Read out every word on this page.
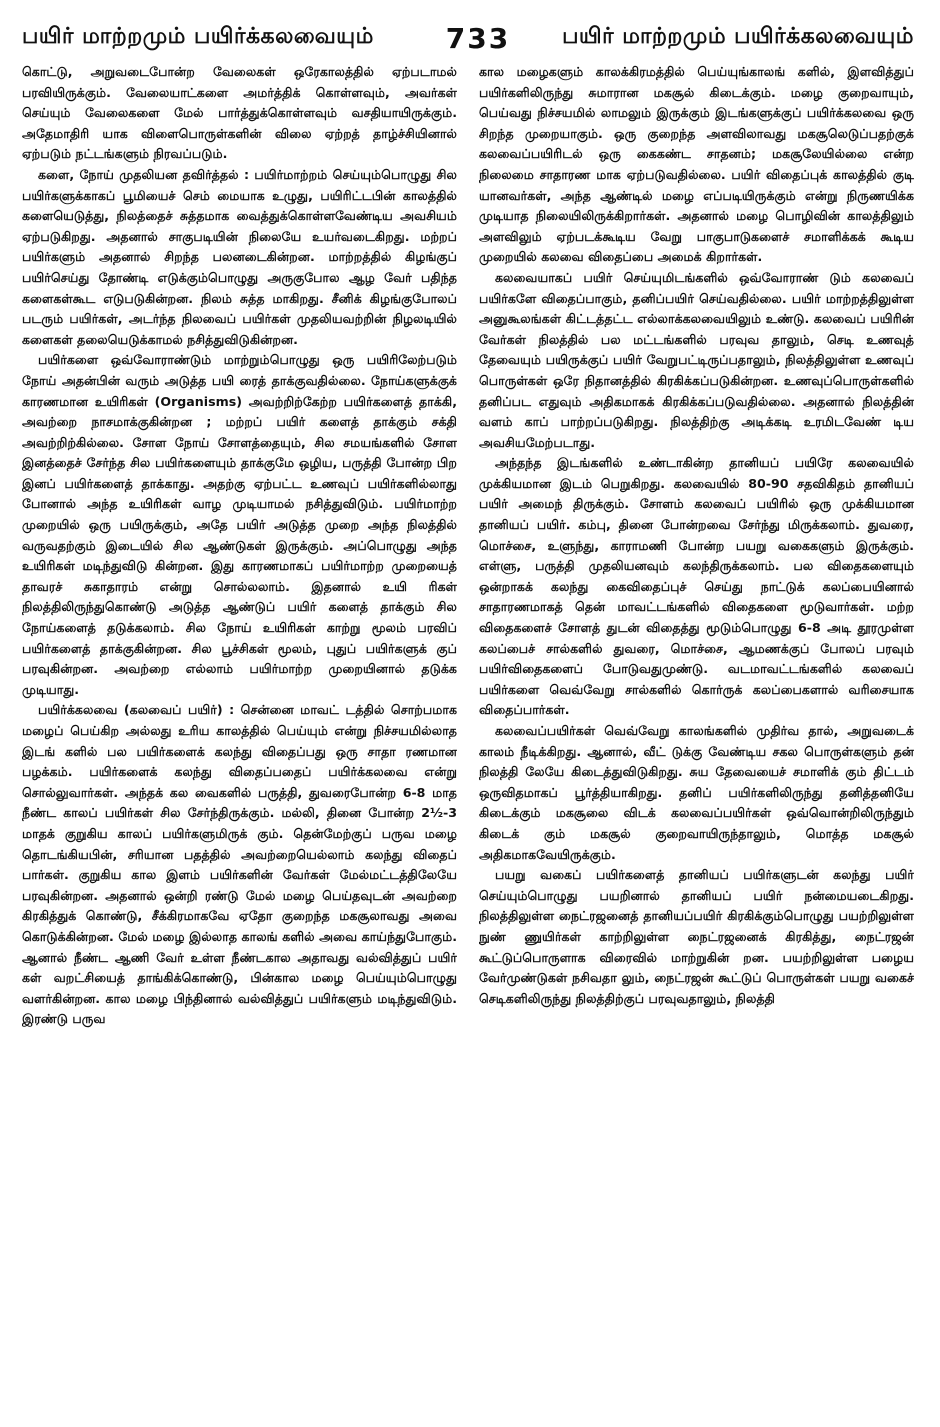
பயிர் மாற்றமும் பயிர்க்கலவையும்	733 பயிர் மாற்றமும் பயிர்க்கலவையும்

கொட்டு, அறுவடைபோன்ற வேலைகள் ஒரேகாலத்தில் ஏற்படாமல் பரவியிருக்கும். வேலையாட்களை அமர்த்திக் கொள்ளவும், அவர்கள் செய்யும் வேலைகளை மேல் பார்த்துக்கொள்ளவும் வசதியாயிருக்கும். அதேமாதிரி யாக விளைபொருள்களின் விலை ஏற்றத் தாழ்ச்சியினால் ஏற்படும் நட்டங்களும் நிரவப்படும்.

களை, நோய் முதலியன தவிர்த்தல் : பயிர்மாற்றம் செய்யும்பொழுது சில பயிர்களுக்காகப் பூமியைச் செம் மையாக உழுது, பயிரிட்டபின் காலத்தில் களையெடுத்து, நிலத்தைச் சுத்தமாக வைத்துக்கொள்ளவேண்டிய அவசியம் ஏற்படுகிறது. அதனால் சாகுபடியின் நிலையே உயர்வடைகிறது. மற்றப் பயிர்களும் அதனால் சிறந்த பலனடைகின்றன. மாற்றத்தில் கிழங்குப் பயிர்செய்து தோண்டி எடுக்கும்பொழுது அருகுபோல ஆழ வேர் பதிந்த களைகள்கூட எடுபடுகின்றன. நிலம் சுத்த மாகிறது. சீனிக் கிழங்குபோலப் படரும் பயிர்கள், அடர்ந்த நிலவைப் பயிர்கள் முதலியவற்றின் நிழலடியில் களைகள் தலையெடுக்காமல் நசித்துவிடுகின்றன.

பயிர்களை ஒவ்வோராண்டும் மாற்றும்பொழுது ஒரு பயிரிலேற்படும் நோய் அதன்பின் வரும் அடுத்த பயி ரைத் தாக்குவதில்லை. நோய்களுக்குக் காரணமான உயிரிகள் (Organisms) அவற்றிற்கேற்ற பயிர்களைத் தாக்கி, அவற்றை நாசமாக்குகின்றன ; மற்றப் பயிர் களைத் தாக்கும் சக்தி அவற்றிற்கில்லை. சோள நோய் சோளத்தையும், சில சமயங்களில் சோள இனத்தைச் சேர்ந்த சில பயிர்களையும் தாக்குமே ஒழிய, பருத்தி போன்ற பிற இனப் பயிர்களைத் தாக்காது. அதற்கு ஏற்பட்ட உணவுப் பயிர்களில்லாது போனால் அந்த உயிரிகள் வாழ முடியாமல் நசித்துவிடும். பயிர்மாற்ற முறையில் ஒரு பயிருக்கும், அதே பயிர் அடுத்த முறை அந்த நிலத்தில் வருவதற்கும் இடையில் சில ஆண்டுகள் இருக்கும். அப்பொழுது அந்த உயிரிகள் மடிந்துவிடு கின்றன. இது காரணமாகப் பயிர்மாற்ற முறையைத் தாவரச் சுகாதாரம் என்று சொல்லலாம். இதனால் உயி ரிகள் நிலத்திலிருந்துகொண்டு அடுத்த ஆண்டுப் பயிர் களைத் தாக்கும் சில நோய்களைத் தடுக்கலாம். சில நோய் உயிரிகள் காற்று மூலம் பரவிப் பயிர்களைத் தாக்குகின்றன. சில பூச்சிகள் மூலம், புதுப் பயிர்களுக் குப் பரவுகின்றன. அவற்றை எல்லாம் பயிர்மாற்ற முறையினால் தடுக்க முடியாது.

பயிர்க்கலவை (கலவைப் பயிர்) : சென்னை மாவட் டத்தில் சொற்பமாக மழைப் பெய்கிற அல்லது உரிய காலத்தில் பெய்யும் என்று நிச்சயமில்லாத இடங் களில் பல பயிர்களைக் கலந்து விதைப்பது ஒரு சாதா ரணமான பழக்கம். பயிர்களைக் கலந்து விதைப்பதைப் பயிர்க்கலவை என்று சொல்லுவார்கள். அந்தக் கல வைகளில் பருத்தி, துவரைபோன்ற 6-8 மாத நீண்ட காலப் பயிர்கள் சில சேர்ந்திருக்கும். மல்லி, தினை போன்ற 2½-3 மாதக் குறுகிய காலப் பயிர்களுமிருக் கும். தென்மேற்குப் பருவ மழை தொடங்கியபின், சரியான பதத்தில் அவற்றையெல்லாம் கலந்து விதைப் பார்கள். குறுகிய கால இளம் பயிர்களின் வேர்கள் மேல்மட்டத்திலேயே பரவுகின்றன. அதனால் ஒன்றி ரண்டு மேல் மழை பெய்தவுடன் அவற்றை கிரகித்துக் கொண்டு, சீக்கிரமாகவே ஏதோ குறைந்த மகசூலாவது அவை கொடுக்கின்றன. மேல் மழை இல்லாத காலங் களில் அவை காய்ந்துபோகும். ஆனால் நீண்ட ஆணி வேர் உள்ள நீண்டகால அதாவது வல்வித்துப் பயிர் கள் வறட்சியைத் தாங்கிக்கொண்டு, பின்கால மழை பெய்யும்பொழுது வளர்கின்றன. கால மழை பிந்தினால் வல்வித்துப் பயிர்களும் மடிந்துவிடும். இரண்டு பருவ

கால மழைகளும் காலக்கிரமத்தில் பெய்யுங்காலங் களில், இளவித்துப் பயிர்களிலிருந்து சுமாரான மகசூல் கிடைக்கும். மழை குறைவாயும், பெய்வது நிச்சயமில் லாமலும் இருக்கும் இடங்களுக்குப் பயிர்க்கலவை ஒரு சிறந்த முறையாகும். ஒரு குறைந்த அளவிலாவது மகசூலெடுப்பதற்குக் கலவைப்பயிரிடல் ஒரு கைகண்ட சாதனம்; மகசூலேயில்லை என்ற நிலைமை சாதாரண மாக ஏற்படுவதில்லை. பயிர் விதைப்புக் காலத்தில் குடி யானவர்கள், அந்த ஆண்டில் மழை எப்படியிருக்கும் என்று நிருணயிக்க முடியாத நிலையிலிருக்கிறார்கள். அதனால் மழை பொழிவின் காலத்திலும் அளவிலும் ஏற்படக்கூடிய வேறு பாகுபாடுகளைச் சமாளிக்கக் கூடிய முறையில் கலவை விதைப்பை அமைக் கிறார்கள்.

கலவையாகப் பயிர் செய்யுமிடங்களில் ஒவ்வோராண் டும் கலவைப் பயிர்களே விதைப்பாகும், தனிப்பயிர் செய்வதில்லை. பயிர் மாற்றத்திலுள்ள அனுகூலங்கள் கிட்டத்தட்ட எல்லாக்கலவையிலும் உண்டு. கலவைப் பயிரின் வேர்கள் நிலத்தில் பல மட்டங்களில் பரவுவ தாலும், செடி உணவுத் தேவையும் பயிருக்குப் பயிர் வேறுபட்டிருப்பதாலும், நிலத்திலுள்ள உணவுப் பொருள்கள் ஒரே நிதானத்தில் கிரகிக்கப்படுகின்றன. உணவுப்பொருள்களில் தனிப்பட எதுவும் அதிகமாகக் கிரகிக்கப்படுவதில்லை. அதனால் நிலத்தின் வளம் காப் பாற்றப்படுகிறது. நிலத்திற்கு அடிக்கடி உரமிடவேண் டிய அவசியமேற்படாது.

அந்தந்த இடங்களில் உண்டாகின்ற தானியப் பயிரே கலவையில் முக்கியமான இடம் பெறுகிறது. கலவையில் 80-90 சதவிகிதம் தானியப் பயிர் அமைந் திருக்கும். சோளம் கலவைப் பயிரில் ஒரு முக்கியமான தானியப் பயிர். கம்பு, தினை போன்றவை சேர்ந்து மிருக்கலாம். துவரை, மொச்சை, உளுந்து, காராமணி போன்ற பயறு வகைகளும் இருக்கும். எள்ளு, பருத்தி முதலியனவும் கலந்திருக்கலாம். பல விதைகளையும் ஒன்றாகக் கலந்து கைவிதைப்புச் செய்து நாட்டுக் கலப்பையினால் சாதாரணமாகத் தென் மாவட்டங்களில் விதைகளை மூடுவார்கள். மற்ற விதைகளைச் சோளத் துடன் விதைத்து மூடும்பொழுது 6-8 அடி தூரமுள்ள கலப்பைச் சால்களில் துவரை, மொச்சை, ஆமணக்குப் போலப் பரவும் பயிர்விதைகளைப் போடுவதுமுண்டு. வடமாவட்டங்களில் கலவைப் பயிர்களை வெவ்வேறு சால்களில் கொர்ருக் கலப்பைகளால் வரிசையாக விதைப்பார்கள்.

கலவைப்பயிர்கள் வெவ்வேறு காலங்களில் முதிர்வ தால், அறுவடைக் காலம் நீடிக்கிறது. ஆனால், வீட் டுக்கு வேண்டிய சகல பொருள்களும் தன் நிலத்தி லேயே கிடைத்துவிடுகிறது. சுய தேவையைச் சமாளிக் கும் திட்டம் ஒருவிதமாகப் பூர்த்தியாகிறது. தனிப் பயிர்களிலிருந்து தனித்தனியே கிடைக்கும் மகசூலை விடக் கலவைப்பயிர்கள் ஒவ்வொன்றிலிருந்தும் கிடைக் கும் மகசூல் குறைவாயிருந்தாலும், மொத்த மகசூல் அதிகமாகவேயிருக்கும்.

பயறு வகைப் பயிர்களைத் தானியப் பயிர்களுடன் கலந்து பயிர் செய்யும்பொழுது பயறினால் தானியப் பயிர் நன்மையடைகிறது. நிலத்திலுள்ள நைட்ரஜனைத் தானியப்பயிர் கிரகிக்கும்பொழுது பயற்றிலுள்ள நுண் ணுயிர்கள் காற்றிலுள்ள நைட்ரஜனைக் கிரகித்து, நைட்ரஜன் கூட்டுப்பொருளாக விரைவில் மாற்றுகின் றன. பயற்றிலுள்ள பழைய வேர்முண்டுகள் நசிவதா லும், நைட்ரஜன் கூட்டுப் பொருள்கள் பயறு வகைச் செடிகளிலிருந்து நிலத்திற்குப் பரவுவதாலும், நிலத்தி
